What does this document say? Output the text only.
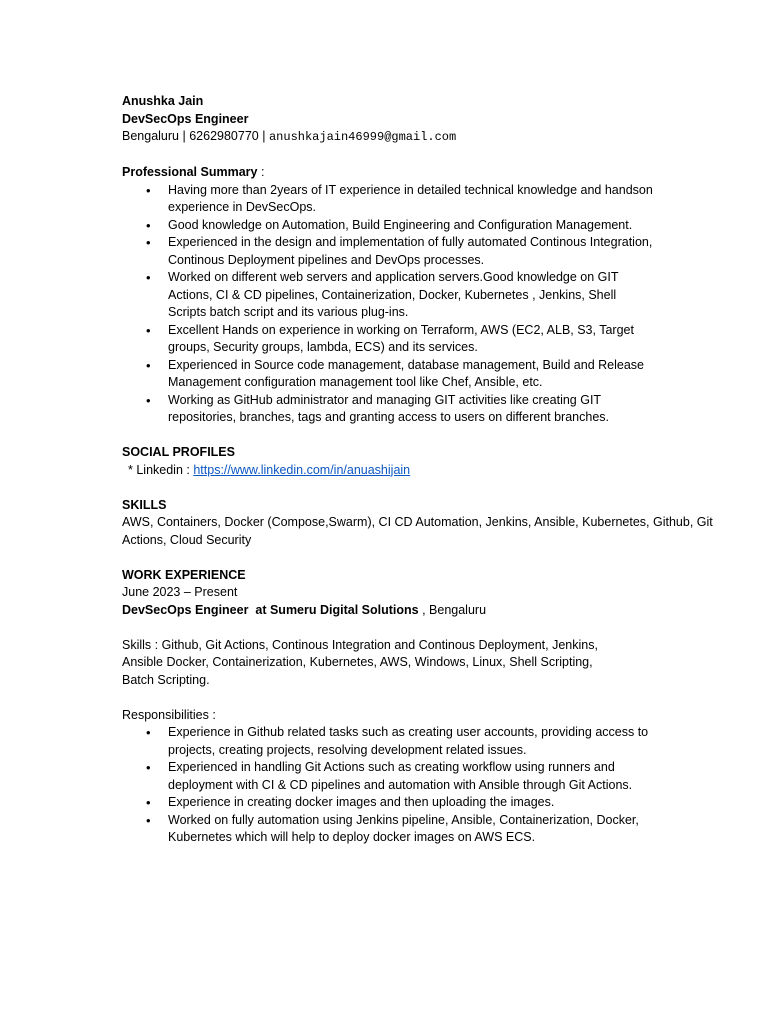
Anushka Jain
DevSecOps Engineer
Bengaluru | 6262980770 | anushkajain46999@gmail.com
Professional Summary :
• Having more than 2years of IT experience in detailed technical knowledge and handson experience in DevSecOps.
• Good knowledge on Automation, Build Engineering and Configuration Management.
• Experienced in the design and implementation of fully automated Continous Integration, Continous Deployment pipelines and DevOps processes.
• Worked on different web servers and application servers.Good knowledge on GIT Actions, CI & CD pipelines, Containerization, Docker, Kubernetes , Jenkins, Shell Scripts batch script and its various plug-ins.
• Excellent Hands on experience in working on Terraform, AWS (EC2, ALB, S3, Target groups, Security groups, lambda, ECS) and its services.
• Experienced in Source code management, database management, Build and Release Management configuration management tool like Chef, Ansible, etc.
• Working as GitHub administrator and managing GIT activities like creating GIT repositories, branches, tags and granting access to users on different branches.
SOCIAL PROFILES
* Linkedin : https://www.linkedin.com/in/anuashijain
SKILLS
AWS, Containers, Docker (Compose,Swarm), CI CD Automation, Jenkins, Ansible, Kubernetes, Github, Git Actions, Cloud Security
WORK EXPERIENCE
June 2023 – Present
DevSecOps Engineer  at Sumeru Digital Solutions , Bengaluru
Skills : Github, Git Actions, Continous Integration and Continous Deployment, Jenkins, Ansible Docker, Containerization, Kubernetes, AWS, Windows, Linux, Shell Scripting, Batch Scripting.
Responsibilities :
• Experience in Github related tasks such as creating user accounts, providing access to projects, creating projects, resolving development related issues.
• Experienced in handling Git Actions such as creating workflow using runners and deployment with CI & CD pipelines and automation with Ansible through Git Actions.
• Experience in creating docker images and then uploading the images.
• Worked on fully automation using Jenkins pipeline, Ansible, Containerization, Docker, Kubernetes which will help to deploy docker images on AWS ECS.
